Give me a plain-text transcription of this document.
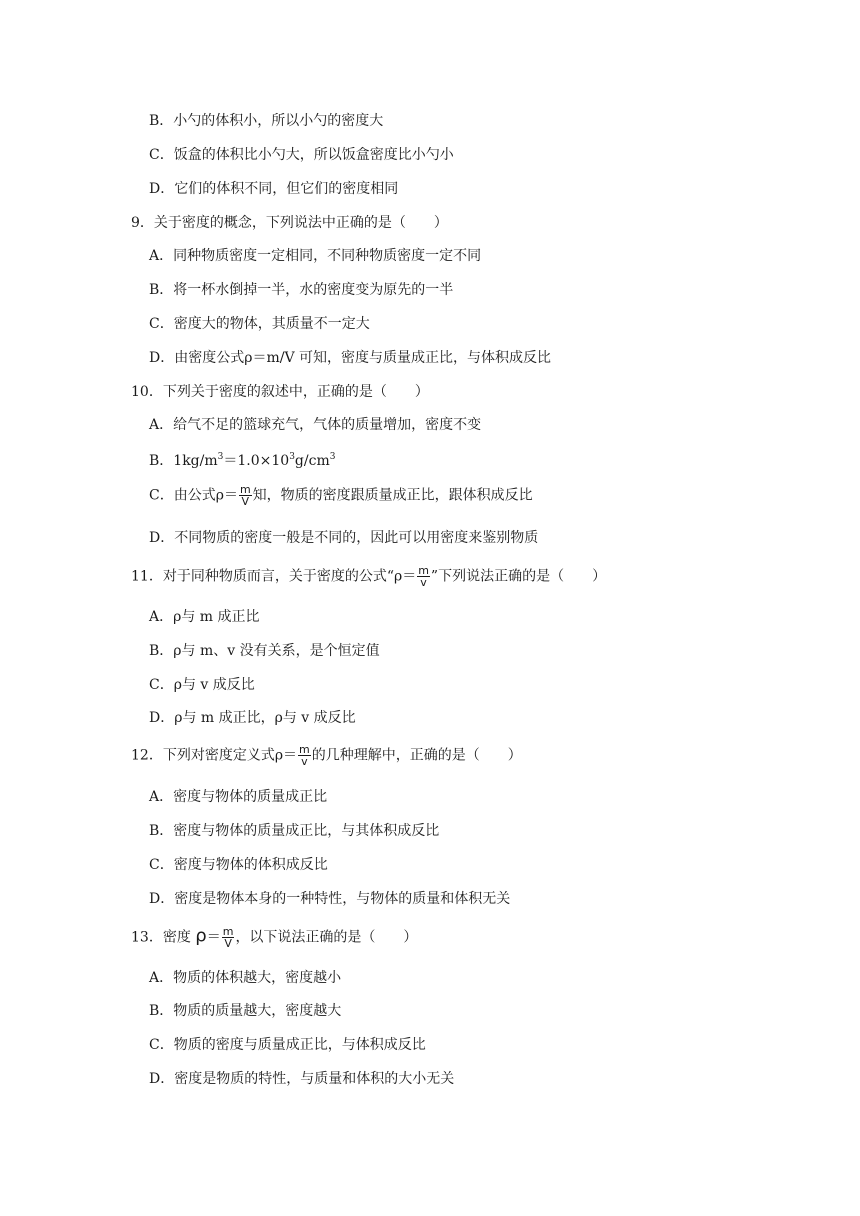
B．小勺的体积小，所以小勺的密度大
C．饭盒的体积比小勺大，所以饭盒密度比小勺小
D．它们的体积不同，但它们的密度相同
9．关于密度的概念，下列说法中正确的是（　　）
A．同种物质密度一定相同，不同种物质密度一定不同
B．将一杯水倒掉一半，水的密度变为原先的一半
C．密度大的物体，其质量不一定大
D．由密度公式ρ＝m/V 可知，密度与质量成正比，与体积成反比
10．下列关于密度的叙述中，正确的是（　　）
A．给气不足的篮球充气，气体的质量增加，密度不变
B．$1kg/m^3=1.0\times 10^3g/cm^3$
C．由公式$\rho= \frac{m}{V}$ 知，物质的密度跟质量成正比，跟体积成反比
D．不同物质的密度一般是不同的，因此可以用密度来鉴别物质
11．对于同种物质而言，关于密度的公式“$\rho= \frac{m}{v}$ ”下列说法正确的是（　　）
A．ρ与 m 成正比
B．ρ与 m、v 没有关系，是个恒定值
C．ρ与 v 成反比
D．ρ与 m 成正比，ρ与 v 成反比
12．下列对密度定义式$\rho= \frac{m}{v}$ 的几种理解中，正确的是（　　）
A．密度与物体的质量成正比
B．密度与物体的质量成正比，与其体积成反比
C．密度与物体的体积成反比
D．密度是物体本身的一种特性，与物体的质量和体积无关
13．密度 $\rho= \frac{m}{V}$ ，以下说法正确的是（　　）
A．物质的体积越大，密度越小
B．物质的质量越大，密度越大
C．物质的密度与质量成正比，与体积成反比
D．密度是物质的特性，与质量和体积的大小无关
